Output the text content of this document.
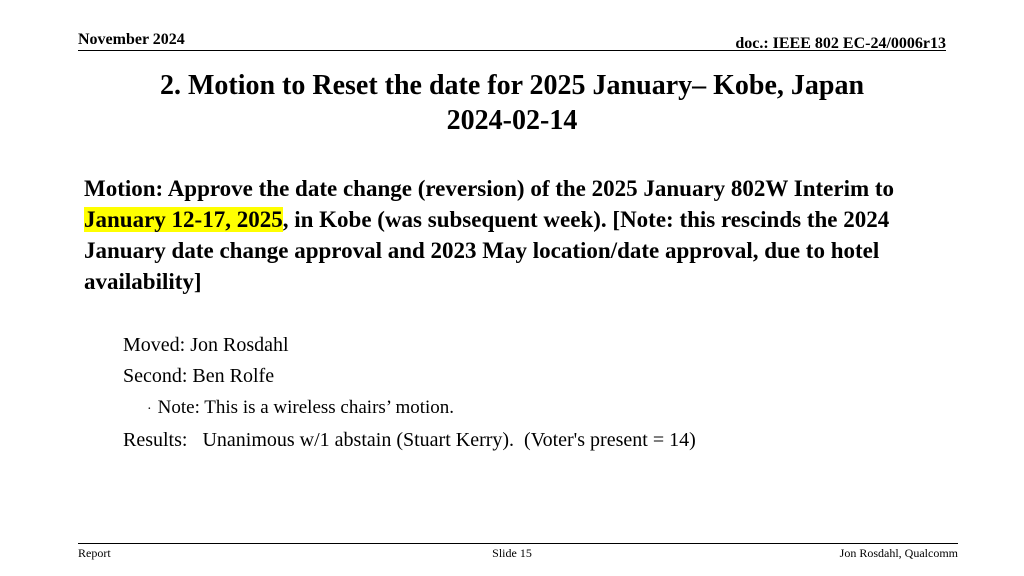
November 2024	doc.: IEEE 802 EC-24/0006r13
2. Motion to Reset the date for 2025 January– Kobe, Japan
2024-02-14
Motion: Approve the date change (reversion) of the 2025 January 802W Interim to January 12-17, 2025, in Kobe (was subsequent week). [Note: this rescinds the 2024 January date change approval and 2023 May location/date approval, due to hotel availability]
Moved: Jon Rosdahl
Second: Ben Rolfe
· Note: This is a wireless chairs’ motion.
Results:   Unanimous w/1 abstain (Stuart Kerry).  (Voter's present = 14)
Report	Slide 15	Jon Rosdahl, Qualcomm
